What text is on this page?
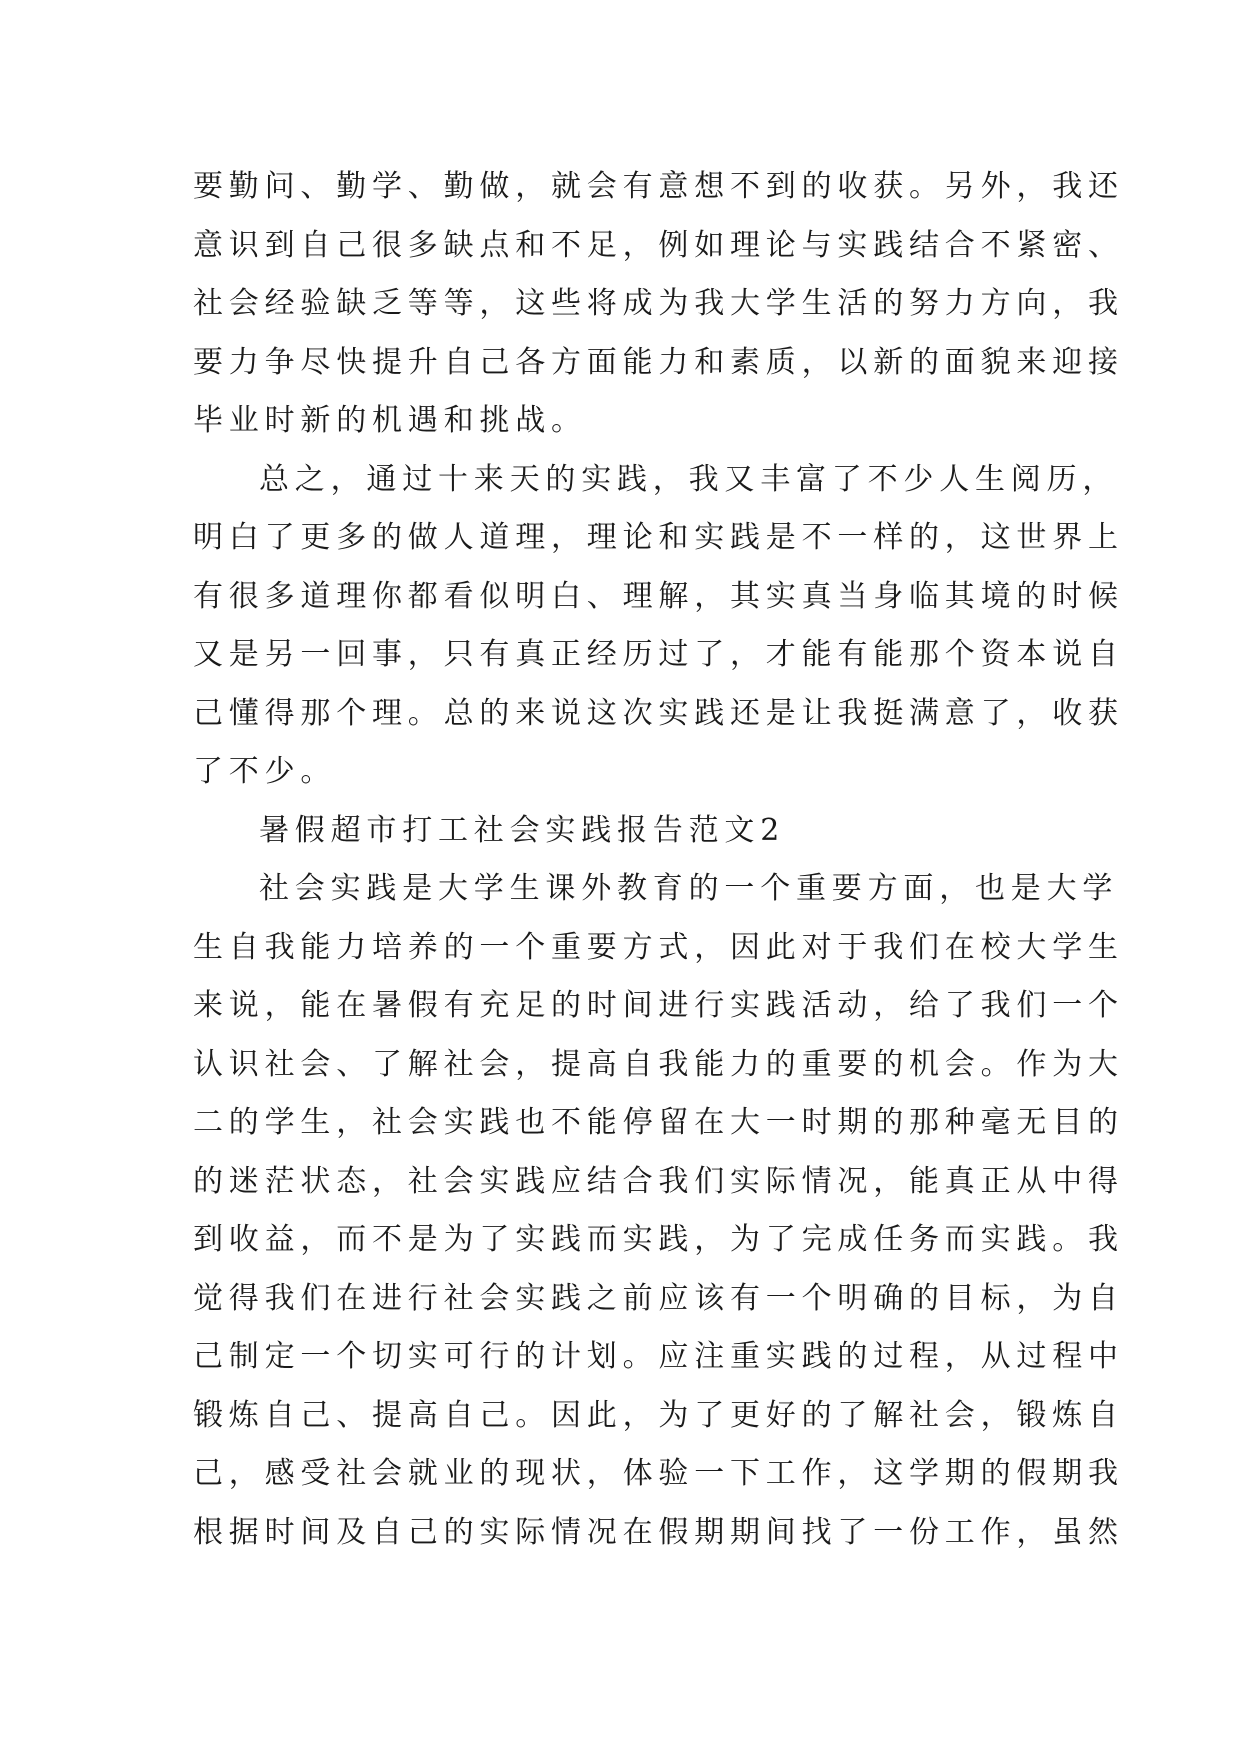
要勤问、勤学、勤做，就会有意想不到的收获。另外，我还
意识到自己很多缺点和不足，例如理论与实践结合不紧密、
社会经验缺乏等等，这些将成为我大学生活的努力方向，我
要力争尽快提升自己各方面能力和素质，以新的面貌来迎接
毕业时新的机遇和挑战。
总之，通过十来天的实践，我又丰富了不少人生阅历，
明白了更多的做人道理，理论和实践是不一样的，这世界上
有很多道理你都看似明白、理解，其实真当身临其境的时候
又是另一回事，只有真正经历过了，才能有能那个资本说自
己懂得那个理。总的来说这次实践还是让我挺满意了，收获
了不少。
暑假超市打工社会实践报告范文2
社会实践是大学生课外教育的一个重要方面，也是大学
生自我能力培养的一个重要方式，因此对于我们在校大学生
来说，能在暑假有充足的时间进行实践活动，给了我们一个
认识社会、了解社会，提高自我能力的重要的机会。作为大
二的学生，社会实践也不能停留在大一时期的那种毫无目的
的迷茫状态，社会实践应结合我们实际情况，能真正从中得
到收益，而不是为了实践而实践，为了完成任务而实践。我
觉得我们在进行社会实践之前应该有一个明确的目标，为自
己制定一个切实可行的计划。应注重实践的过程，从过程中
锻炼自己、提高自己。因此，为了更好的了解社会，锻炼自
己，感受社会就业的现状，体验一下工作，这学期的假期我
根据时间及自己的实际情况在假期期间找了一份工作，虽然
